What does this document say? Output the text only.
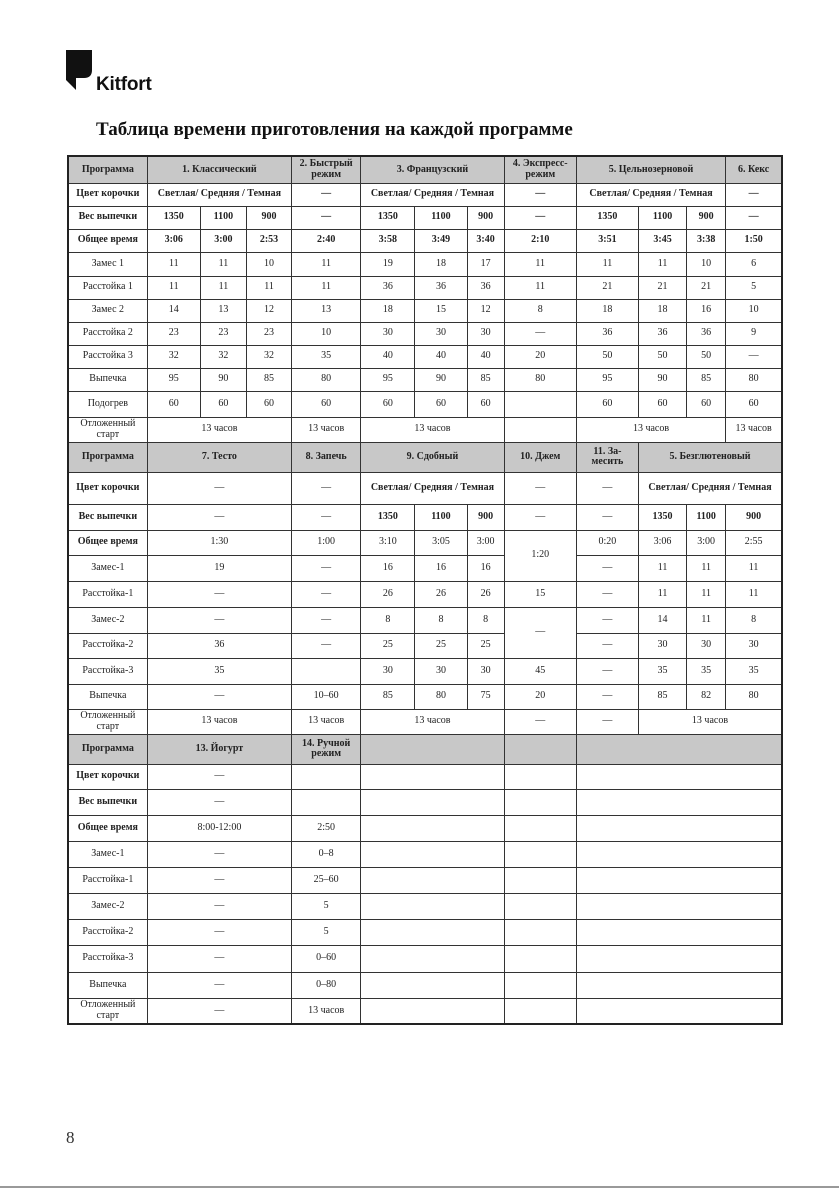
Kitfort
Таблица времени приготовления на каждой программе
Программа	1. Классический			2. Быстрый режим	3. Французский			4. Экспресс-режим	5. Цельнозерновой			6. Кекс
Цвет корочки	Светлая/ Средняя / Темная			—	Светлая/ Средняя / Темная			—	Светлая/ Средняя / Темная			—
Вес выпечки	1350	1100	900	—	1350	1100	900	—	1350	1100	900	—
Общее время	3:06	3:00	2:53	2:40	3:58	3:49	3:40	2:10	3:51	3:45	3:38	1:50
Замес 1	11	11	10	11	19	18	17	11	11	11	10	6
Расстойка 1	11	11	11	11	36	36	36	11	21	21	21	5
Замес 2	14	13	12	13	18	15	12	8	18	18	16	10
Расстойка 2	23	23	23	10	30	30	30	—	36	36	36	9
Расстойка 3	32	32	32	35	40	40	40	20	50	50	50	—
Выпечка	95	90	85	80	95	90	85	80	95	90	85	80
Подогрев	60	60	60	60	60	60	60		60	60	60	60
Отложенный старт	13 часов			13 часов	13 часов				13 часов			13 часов
Программа	7. Тесто			8. Запечь	9. Сдобный			10. Джем	11. За-месить	5. Безглютеновый		
Цвет корочки	—			—	Светлая/ Средняя / Темная			—	—	Светлая/ Средняя / Темная		
Вес выпечки	—			—	1350	1100	900	—	—	1350	1100	900
Общее время	1:30			1:00	3:10	3:05	3:00	1:20	0:20	3:06	3:00	2:55
Замес-1	19			—	16	16	16		—	11	11	11
Расстойка-1	—			—	26	26	26	15	—	11	11	11
Замес-2	—			—	8	8	8	—	—	14	11	8
Расстойка-2	36			—	25	25	25		—	30	30	30
Расстойка-3	35				30	30	30	45	—	35	35	35
Выпечка	—			10–60	85	80	75	20	—	85	82	80
Отложенный старт	13 часов			13 часов	13 часов			—	—	13 часов		
Программа	13. Йогурт			14. Ручной режим								
Цвет корочки	—											
Вес выпечки	—											
Общее время	8:00-12:00			2:50								
Замес-1	—			0–8								
Расстойка-1	—			25–60								
Замес-2	—			5								
Расстойка-2	—			5								
Расстойка-3	—			0–60								
Выпечка	—			0–80								
Отложенный старт	—			13 часов								
8
